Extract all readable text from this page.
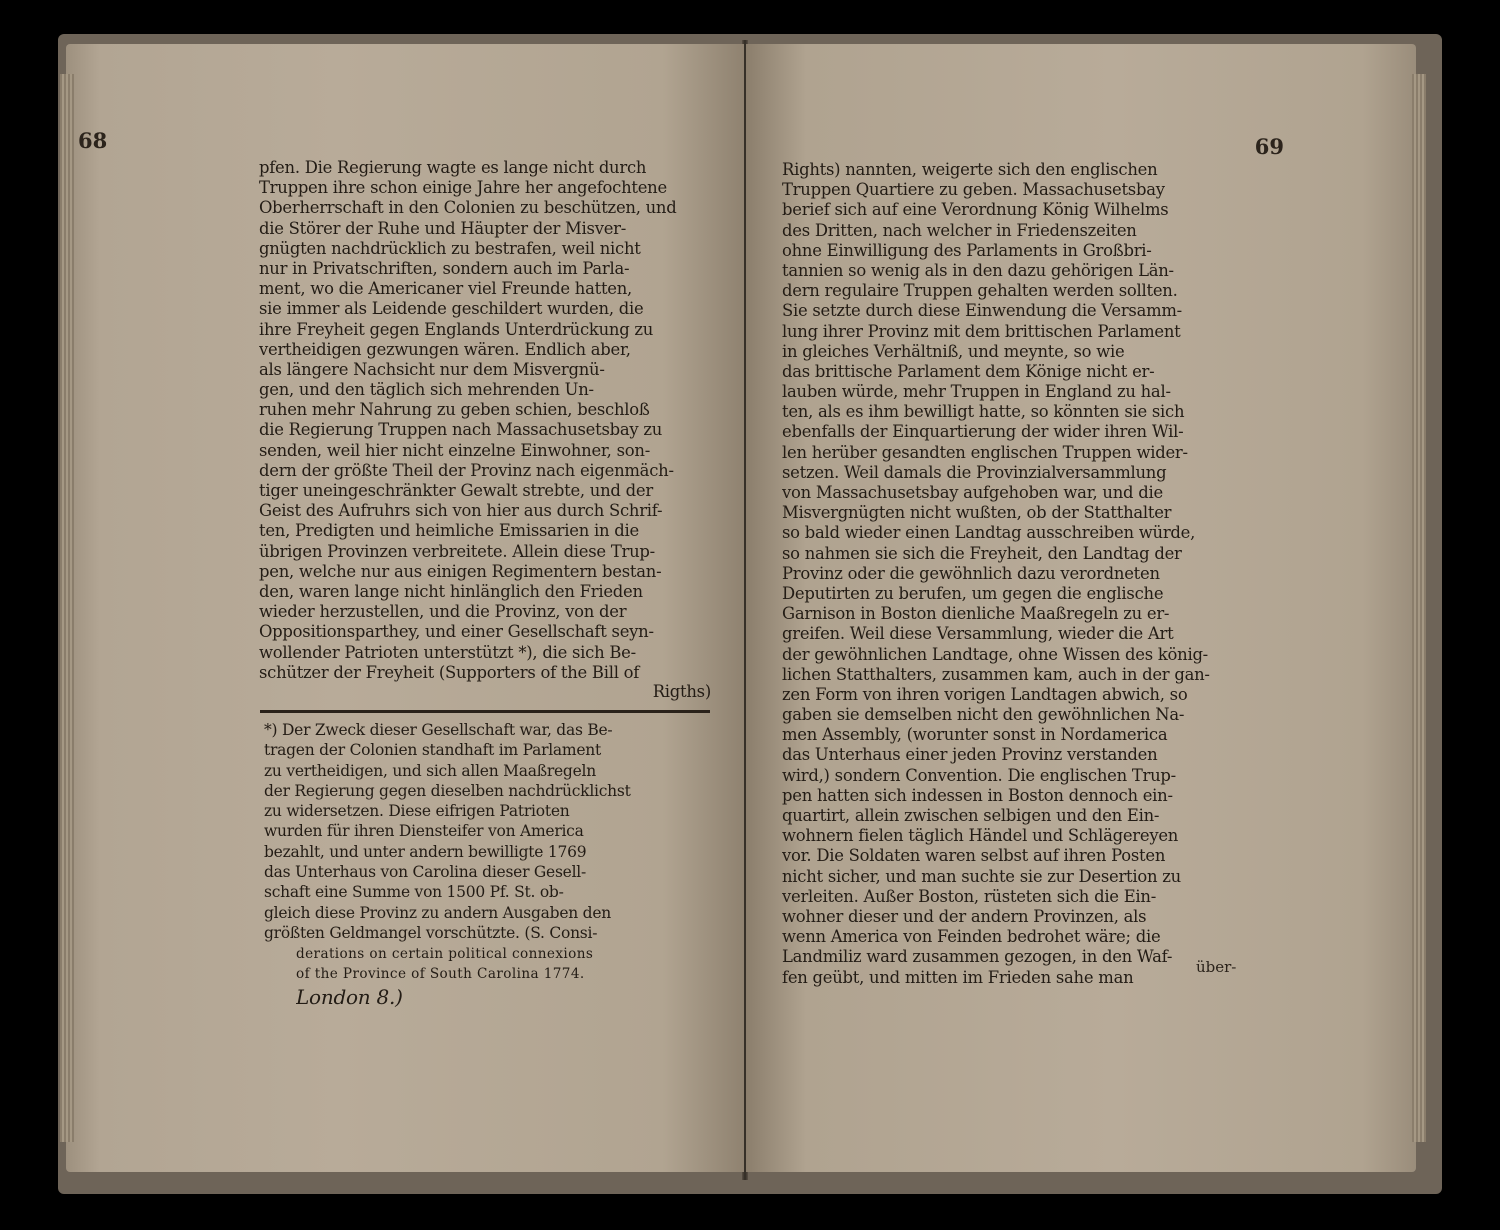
68
pfen. Die Regierung wagte es lange nicht durch
Truppen ihre schon einige Jahre her angefochtene
Oberherrschaft in den Colonien zu beschützen, und
die Störer der Ruhe und Häupter der Misver-
gnügten nachdrücklich zu bestrafen, weil nicht
nur in Privatschriften, sondern auch im Parla-
ment, wo die Americaner viel Freunde hatten,
sie immer als Leidende geschildert wurden, die
ihre Freyheit gegen Englands Unterdrückung zu
vertheidigen gezwungen wären. Endlich aber,
als längere Nachsicht nur dem Misvergnü-
gen, und den täglich sich mehrenden Un-
ruhen mehr Nahrung zu geben schien, beschloß
die Regierung Truppen nach Massachusetsbay zu
senden, weil hier nicht einzelne Einwohner, son-
dern der größte Theil der Provinz nach eigenmäch-
tiger uneingeschränkter Gewalt strebte, und der
Geist des Aufruhrs sich von hier aus durch Schrif-
ten, Predigten und heimliche Emissarien in die
übrigen Provinzen verbreitete. Allein diese Trup-
pen, welche nur aus einigen Regimentern bestan-
den, waren lange nicht hinlänglich den Frieden
wieder herzustellen, und die Provinz, von der
Oppositionsparthey, und einer Gesellschaft seyn-
wollender Patrioten unterstützt *), die sich Be-
schützer der Freyheit (Supporters of the Bill of
Rigths)
*) Der Zweck dieser Gesellschaft war, das Be-
tragen der Colonien standhaft im Parlament
zu vertheidigen, und sich allen Maaßregeln
der Regierung gegen dieselben nachdrücklichst
zu widersetzen. Diese eifrigen Patrioten
wurden für ihren Diensteifer von America
bezahlt, und unter andern bewilligte 1769
das Unterhaus von Carolina dieser Gesell-
schaft eine Summe von 1500 Pf. St. ob-
gleich diese Provinz zu andern Ausgaben den
größten Geldmangel vorschützte. (S. Consi-
derations on certain political connexions
of the Province of South Carolina 1774.
London 8.)
69
Rights) nannten, weigerte sich den englischen
Truppen Quartiere zu geben. Massachusetsbay
berief sich auf eine Verordnung König Wilhelms
des Dritten, nach welcher in Friedenszeiten
ohne Einwilligung des Parlaments in Großbri-
tannien so wenig als in den dazu gehörigen Län-
dern regulaire Truppen gehalten werden sollten.
Sie setzte durch diese Einwendung die Versamm-
lung ihrer Provinz mit dem brittischen Parlament
in gleiches Verhältniß, und meynte, so wie
das brittische Parlament dem Könige nicht er-
lauben würde, mehr Truppen in England zu hal-
ten, als es ihm bewilligt hatte, so könnten sie sich
ebenfalls der Einquartierung der wider ihren Wil-
len herüber gesandten englischen Truppen wider-
setzen. Weil damals die Provinzialversammlung
von Massachusetsbay aufgehoben war, und die
Misvergnügten nicht wußten, ob der Statthalter
so bald wieder einen Landtag ausschreiben würde,
so nahmen sie sich die Freyheit, den Landtag der
Provinz oder die gewöhnlich dazu verordneten
Deputirten zu berufen, um gegen die englische
Garnison in Boston dienliche Maaßregeln zu er-
greifen. Weil diese Versammlung, wieder die Art
der gewöhnlichen Landtage, ohne Wissen des könig-
lichen Statthalters, zusammen kam, auch in der gan-
zen Form von ihren vorigen Landtagen abwich, so
gaben sie demselben nicht den gewöhnlichen Na-
men Assembly, (worunter sonst in Nordamerica
das Unterhaus einer jeden Provinz verstanden
wird,) sondern Convention. Die englischen Trup-
pen hatten sich indessen in Boston dennoch ein-
quartirt, allein zwischen selbigen und den Ein-
wohnern fielen täglich Händel und Schlägereyen
vor. Die Soldaten waren selbst auf ihren Posten
nicht sicher, und man suchte sie zur Desertion zu
verleiten. Außer Boston, rüsteten sich die Ein-
wohner dieser und der andern Provinzen, als
wenn America von Feinden bedrohet wäre; die
Landmiliz ward zusammen gezogen, in den Waf-
fen geübt, und mitten im Frieden sahe man
über-
